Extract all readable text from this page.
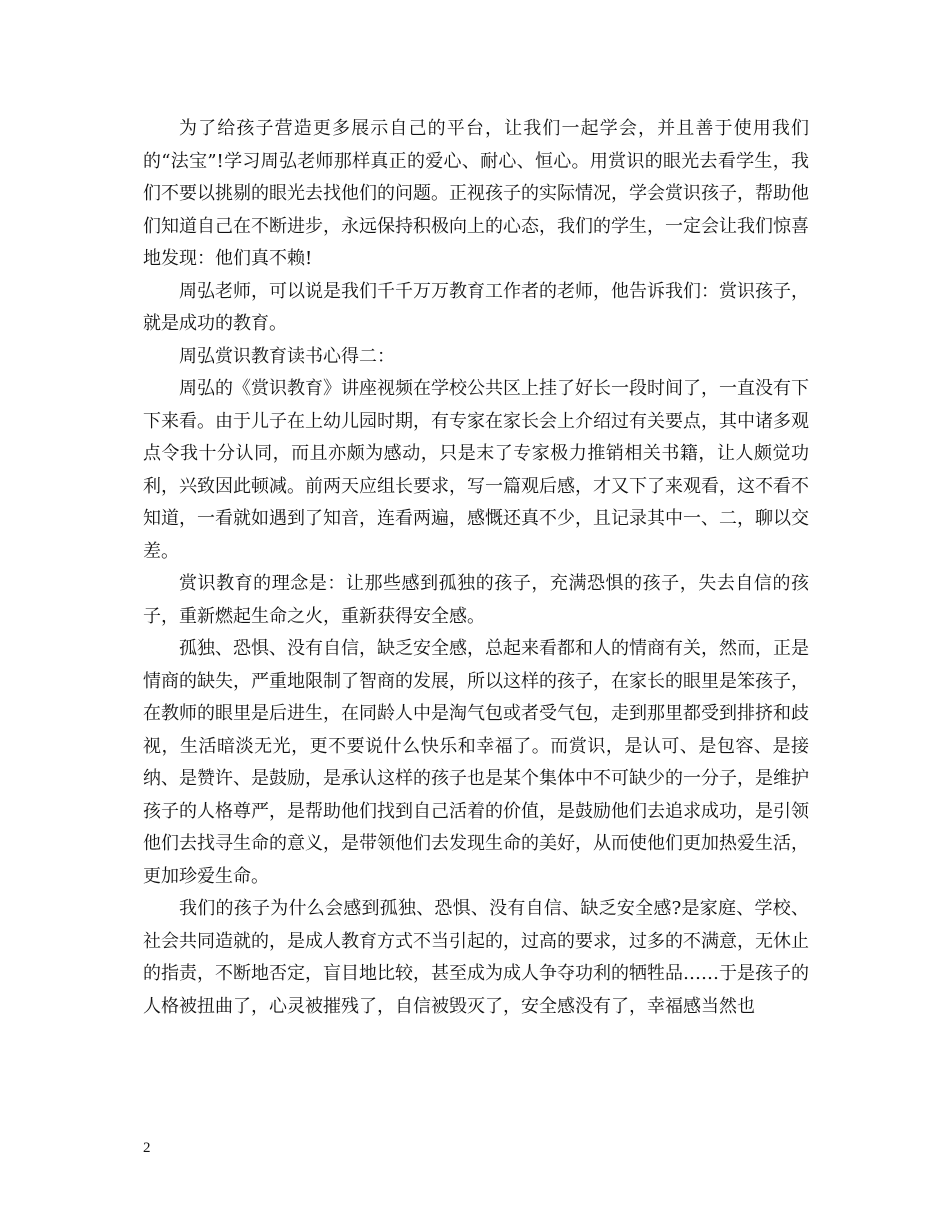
为了给孩子营造更多展示自己的平台，让我们一起学会，并且善于使用我们的“法宝”!学习周弘老师那样真正的爱心、耐心、恒心。用赏识的眼光去看学生，我们不要以挑剔的眼光去找他们的问题。正视孩子的实际情况，学会赏识孩子，帮助他们知道自己在不断进步，永远保持积极向上的心态，我们的学生，一定会让我们惊喜地发现：他们真不赖!

周弘老师，可以说是我们千千万万教育工作者的老师，他告诉我们：赏识孩子，就是成功的教育。

周弘赏识教育读书心得二：

周弘的《赏识教育》讲座视频在学校公共区上挂了好长一段时间了，一直没有下下来看。由于儿子在上幼儿园时期，有专家在家长会上介绍过有关要点，其中诸多观点令我十分认同，而且亦颇为感动，只是末了专家极力推销相关书籍，让人颇觉功利，兴致因此顿减。前两天应组长要求，写一篇观后感，才又下了来观看，这不看不知道，一看就如遇到了知音，连看两遍，感慨还真不少，且记录其中一、二，聊以交差。

赏识教育的理念是：让那些感到孤独的孩子，充满恐惧的孩子，失去自信的孩子，重新燃起生命之火，重新获得安全感。

孤独、恐惧、没有自信，缺乏安全感，总起来看都和人的情商有关，然而，正是情商的缺失，严重地限制了智商的发展，所以这样的孩子，在家长的眼里是笨孩子，在教师的眼里是后进生，在同龄人中是淘气包或者受气包，走到那里都受到排挤和歧视，生活暗淡无光，更不要说什么快乐和幸福了。而赏识，是认可、是包容、是接纳、是赞许、是鼓励，是承认这样的孩子也是某个集体中不可缺少的一分子，是维护孩子的人格尊严，是帮助他们找到自己活着的价值，是鼓励他们去追求成功，是引领他们去找寻生命的意义，是带领他们去发现生命的美好，从而使他们更加热爱生活，更加珍爱生命。

我们的孩子为什么会感到孤独、恐惧、没有自信、缺乏安全感?是家庭、学校、社会共同造就的，是成人教育方式不当引起的，过高的要求，过多的不满意，无休止的指责，不断地否定，盲目地比较，甚至成为成人争夺功利的牺牲品……于是孩子的人格被扭曲了，心灵被摧残了，自信被毁灭了，安全感没有了，幸福感当然也

2
